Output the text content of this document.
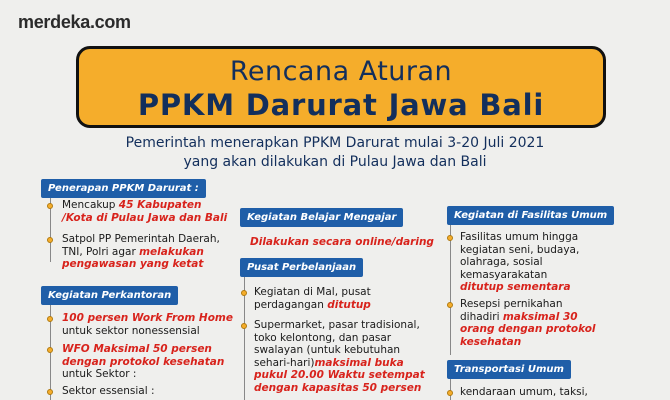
merdeka.com
Rencana Aturan
PPKM Darurat Jawa Bali
Pemerintah menerapkan PPKM Darurat mulai 3-20 Juli 2021
yang akan dilakukan di Pulau Jawa dan Bali
Penerapan PPKM Darurat :
Mencakup 45 Kabupaten
/Kota di Pulau Jawa dan Bali
Satpol PP Pemerintah Daerah,
TNI, Polri agar melakukan
pengawasan yang ketat
Kegiatan Perkantoran
100 persen Work From Home
untuk sektor nonessensial
WFO Maksimal 50 persen
dengan protokol kesehatan
untuk Sektor :
Sektor essensial :
Kegiatan Belajar Mengajar
Dilakukan secara online/daring
Pusat Perbelanjaan
Kegiatan di Mal, pusat
perdagangan ditutup
Supermarket, pasar tradisional,
toko kelontong, dan pasar
swalayan (untuk kebutuhan
sehari-hari)maksimal buka
pukul 20.00 Waktu setempat
dengan kapasitas 50 persen
Kegiatan di Fasilitas Umum
Fasilitas umum hingga
kegiatan seni, budaya,
olahraga, sosial
kemasyarakatan
ditutup sementara
Resepsi pernikahan
dihadiri maksimal 30
orang dengan protokol
kesehatan
Transportasi Umum
kendaraan umum, taksi,
